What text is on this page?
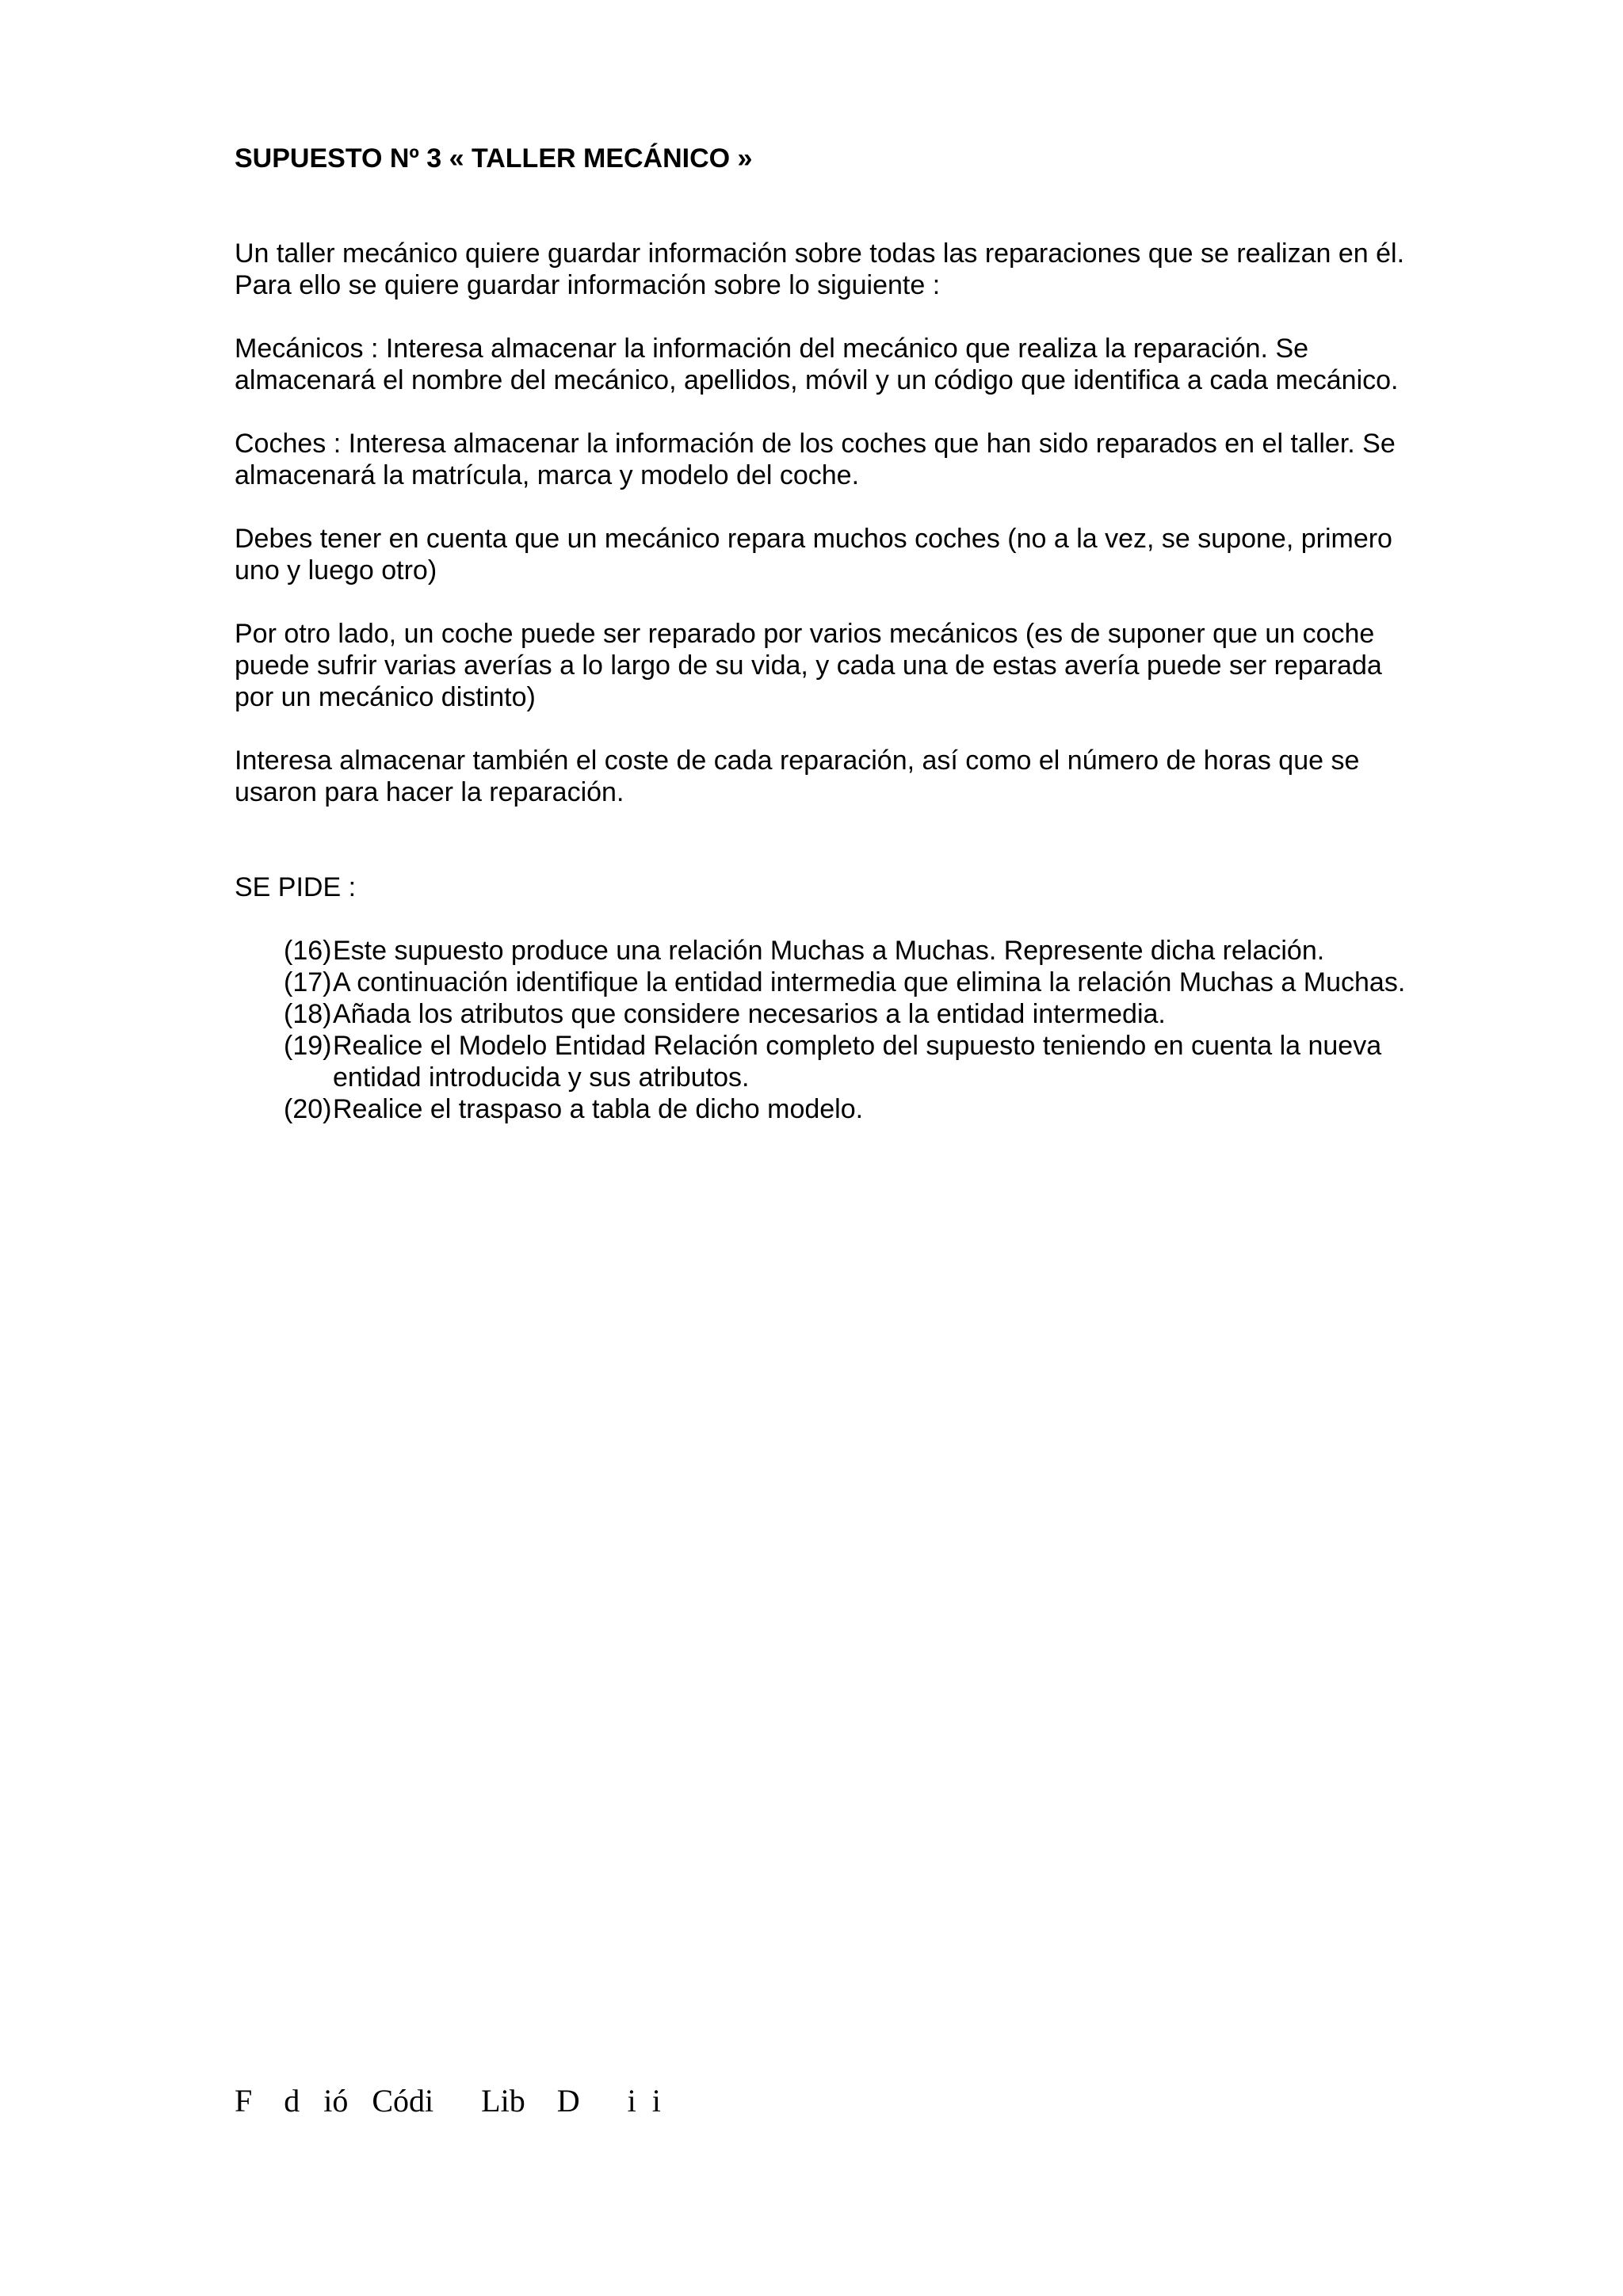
SUPUESTO Nº 3 « TALLER MECÁNICO »

Un taller mecánico quiere guardar información sobre todas las reparaciones que se realizan en él. Para ello se quiere guardar información sobre lo siguiente :

Mecánicos : Interesa almacenar la información del mecánico que realiza la reparación. Se almacenará el nombre del mecánico, apellidos, móvil y un código que identifica a cada mecánico.

Coches : Interesa almacenar la información de los coches que han sido reparados en el taller. Se almacenará la matrícula, marca y modelo del coche.

Debes tener en cuenta que un mecánico repara muchos coches (no a la vez, se supone, primero uno y luego otro)

Por otro lado, un coche puede ser reparado por varios mecánicos (es de suponer que un coche puede sufrir varias averías a lo largo de su vida, y cada una de estas avería puede ser reparada por un mecánico distinto)

Interesa almacenar también el coste de cada reparación, así como el número de horas que se usaron para hacer la reparación.

SE PIDE :

(16) Este supuesto produce una relación Muchas a Muchas. Represente dicha relación.
(17) A continuación identifique la entidad intermedia que elimina la relación Muchas a Muchas.
(18) Añada los atributos que considere necesarios a la entidad intermedia.
(19) Realice el Modelo Entidad Relación completo del supuesto teniendo en cuenta la nueva entidad introducida y sus atributos.
(20) Realice el traspaso a tabla de dicho modelo.
F    d   ió   Códi      Lib    D      i  i
